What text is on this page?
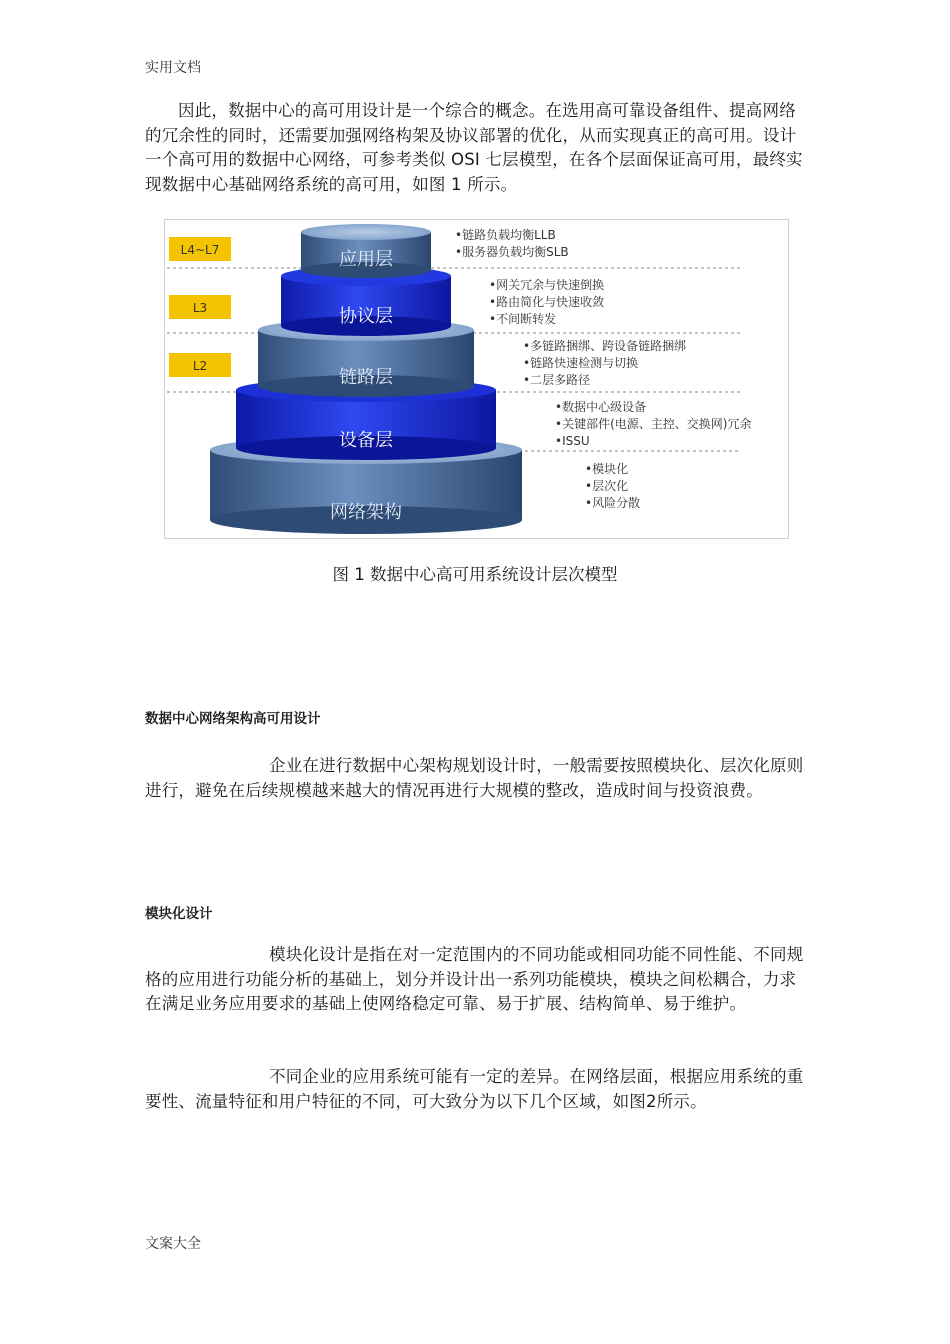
实用文档

因此，数据中心的高可用设计是一个综合的概念。在选用高可靠设备组件、提高网络的冗余性的同时，还需要加强网络构架及协议部署的优化，从而实现真正的高可用。设计一个高可用的数据中心网络，可参考类似 OSI 七层模型，在各个层面保证高可用，最终实现数据中心基础网络系统的高可用，如图 1 所示。

L4~L7
L3
L2
网络架构
设备层
链路层
协议层
应用层
•链路负载均衡LLB
•服务器负载均衡SLB
•网关冗余与快速倒换
•路由简化与快速收敛
•不间断转发
•多链路捆绑、跨设备链路捆绑
•链路快速检测与切换
•二层多路径
•数据中心级设备
•关键部件(电源、主控、交换网)冗余
•ISSU
•模块化
•层次化
•风险分散
图 1 数据中心高可用系统设计层次模型
数据中心网络架构高可用设计

企业在进行数据中心架构规划设计时，一般需要按照模块化、层次化原则进行，避免在后续规模越来越大的情况再进行大规模的整改，造成时间与投资浪费。

模块化设计

模块化设计是指在对一定范围内的不同功能或相同功能不同性能、不同规格的应用进行功能分析的基础上，划分并设计出一系列功能模块，模块之间松耦合，力求在满足业务应用要求的基础上使网络稳定可靠、易于扩展、结构简单、易于维护。

不同企业的应用系统可能有一定的差异。在网络层面，根据应用系统的重要性、流量特征和用户特征的不同，可大致分为以下几个区域，如图2所示。

文案大全
